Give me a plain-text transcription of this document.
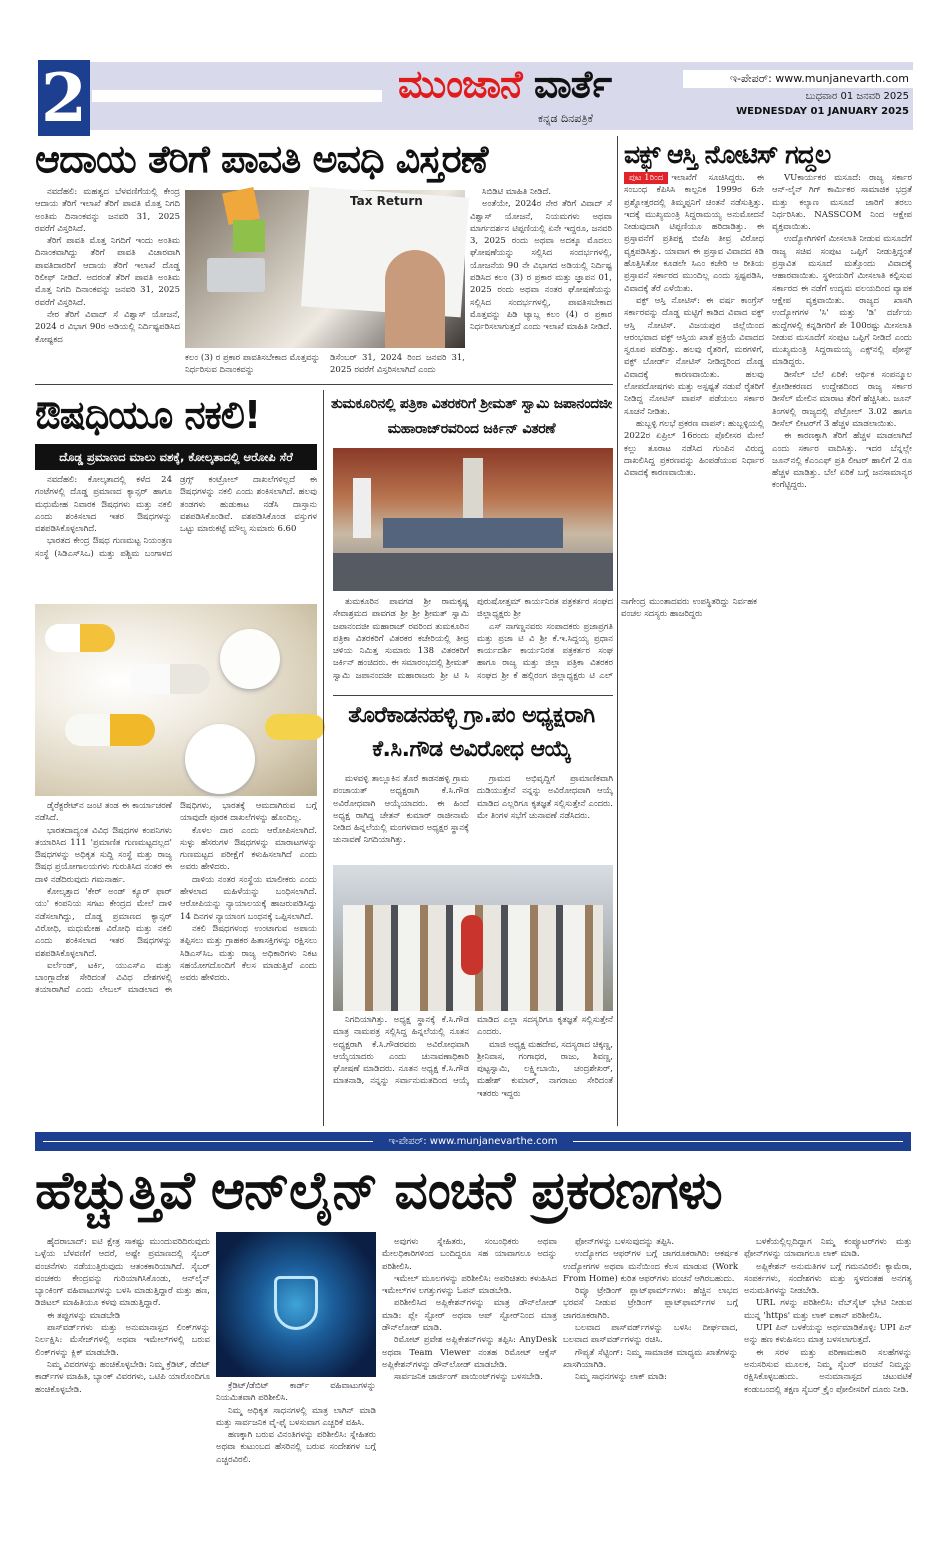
2	ಮುಂಜಾನೆ ವಾರ್ತೆ
ಕನ್ನಡ ದಿನಪತ್ರಿಕೆ
ಇ-ಪೇಪರ್: www.munjanevarth.com
ಬುಧವಾರ 01 ಜನವರಿ 2025
WEDNESDAY 01 JANUARY 2025
ಆದಾಯ ತೆರಿಗೆ ಪಾವತಿ ಅವಧಿ ವಿಸ್ತರಣೆ

ನವದೆಹಲಿ: ಮಹತ್ವದ ಬೆಳವಣಿಗೆಯಲ್ಲಿ ಕೇಂದ್ರ ಆದಾಯ ತೆರಿಗೆ ಇಲಾಖೆ ತೆರಿಗೆ ಪಾವತಿ ಮೊತ್ತ ನಿಗದಿ ಅಂತಿಮ ದಿನಾಂಕವನ್ನು ಜನವರಿ 31, 2025 ರವರೆಗೆ ವಿಸ್ತರಿಸಿದೆ.

ತೆರಿಗೆ ಪಾವತಿ ಮೊತ್ತ ನಿಗದಿಗೆ ಇಂದು ಅಂತಿಮ ದಿನಾಂಕವಾಗಿದ್ದು ತೆರಿಗೆ ಪಾವತಿ ವಿಚಾರವಾಗಿ ಪಾವತಿದಾರರಿಗೆ ಆದಾಯ ತೆರಿಗೆ ಇಲಾಖೆ ದೊಡ್ಡ ರಿಲೀಫ್ ನೀಡಿದೆ. ಅದರಂತೆ ತೆರಿಗೆ ಪಾವತಿ ಅಂತಿಮ ಮೊತ್ತ ನಿಗದಿ ದಿನಾಂಕವನ್ನು ಜನವರಿ 31, 2025 ರವರೆಗೆ ವಿಸ್ತರಿಸಿದೆ.

ನೇರ ತೆರಿಗೆ ವಿವಾದ್ ಸೆ ವಿಶ್ವಾಸ್ ಯೋಜನೆ, 2024 ರ ವಿಭಾಗ 90ರ ಅಡಿಯಲ್ಲಿ ನಿರ್ದಿಷ್ಟಪಡಿಸಿದ ಕೋಷ್ಟಕದ

Tax Return
ಕಲಂ (3) ರ ಪ್ರಕಾರ ಪಾವತಿಸಬೇಕಾದ ಮೊತ್ತವನ್ನು ನಿರ್ಧರಿಸುವ ದಿನಾಂಕವನ್ನು
ಡಿಸೆಂಬರ್ 31, 2024 ರಿಂದ ಜನವರಿ 31, 2025 ರವರೆಗೆ ವಿಸ್ತರಿಸಲಾಗಿದೆ ಎಂದು

ಸಿಬಿಡಿಟಿ ಮಾಹಿತಿ ನೀಡಿದೆ.

ಅಂತೆಯೇ, 2024ರ ನೇರ ತೆರಿಗೆ ವಿವಾದ್ ಸೆ ವಿಶ್ವಾಸ್ ಯೋಜನೆ, ನಿಯಮಗಳು ಅಥವಾ ಮಾರ್ಗದರ್ಶನ ಟಿಪ್ಪಣಿಯಲ್ಲಿ ಏನೇ ಇದ್ದರೂ, ಜನವರಿ 3, 2025 ರಂದು ಅಥವಾ ಅದಕ್ಕೂ ಮೊದಲು ಘೋಷಣೆಯನ್ನು ಸಲ್ಲಿಸಿದ ಸಂದರ್ಭಗಳಲ್ಲಿ, ಯೋಜನೆಯ 90 ನೇ ವಿಭಾಗದ ಅಡಿಯಲ್ಲಿ ನಿರ್ದಿಷ್ಟ ಪಡಿಸಿದ ಕಲಂ (3) ರ ಪ್ರಕಾರ ಮತ್ತು ಜ್ಞಾಪನ 01, 2025 ರಂದು ಅಥವಾ ನಂತರ ಘೋಷಣೆಯನ್ನು ಸಲ್ಲಿಸಿದ ಸಂದರ್ಭಗಳಲ್ಲಿ, ಪಾವತಿಸಬೇಕಾದ ಮೊತ್ತವನ್ನು ಪಿಡಿ ಟ್ಯಾಬ್ಲ ಕಲಂ (4) ರ ಪ್ರಕಾರ ನಿರ್ಧರಿಸಲಾಗುತ್ತದೆ ಎಂದು ಇಲಾಖೆ ಮಾಹಿತಿ ನೀಡಿದೆ.

ವಕ್ಫ್ ಆಸ್ತಿ ನೋಟಿಸ್ ಗದ್ದಲ

ಪುಟ 1ರಿಂದ ಇಲಾಖೆಗೆ ಸೂಚಿಸಿದ್ದರು. ಈ ಸಂಬಂಧ ಕೆಪಿಸಿಸಿ ಕಾಲ್ಪನಿಕ 1999ರ 6ನೇ ಪ್ರಶ್ನೋತ್ತರದಲ್ಲಿ ತಿಮ್ಮಪ್ಪನಿಗೆ ಚಿಂತನೆ ನಡೆಸುತ್ತಿತ್ತು. ಇದಕ್ಕೆ ಮುಖ್ಯಮಂತ್ರಿ ಸಿದ್ದರಾಮಯ್ಯ ಅನುಮೋದನೆ ನೀಡುವುದಾಗಿ ಟಿಪ್ಪಣಿಯೂ ಹರಿದಾಡಿತ್ತು. ಈ ಪ್ರಸ್ತಾವನೆಗೆ ಪ್ರತಿಪಕ್ಷ ಬಿಜೆಪಿ ತೀವ್ರ ವಿರೋಧ ವ್ಯಕ್ತಪಡಿಸಿತ್ತು. ಯಾವಾಗ ಈ ಪ್ರಸ್ತಾವ ವಿವಾದದ ಕಿಡಿ ಹೊತ್ತಿಸಿತೋ ಕೂಡಲೇ ಸಿಎಂ ಕಚೇರಿ ಆ ರೀತಿಯ ಪ್ರಸ್ತಾವನೆ ಸರ್ಕಾರದ ಮುಂದಿಲ್ಲ ಎಂದು ಸ್ಪಷ್ಟಪಡಿಸಿ, ವಿವಾದಕ್ಕೆ ತೆರೆ ಎಳೆಯಿತು.

ವಕ್ಫ್ ಆಸ್ತಿ ನೋಟಿಸ್: ಈ ವರ್ಷ ಕಾಂಗ್ರೆಸ್ ಸರ್ಕಾರವನ್ನು ದೊಡ್ಡ ಮಟ್ಟಿಗೆ ಕಾಡಿದ ವಿವಾದ ವಕ್ಫ್ ಆಸ್ತಿ ನೋಟಿಸ್. ವಿಜಯಪುರ ಜಿಲ್ಲೆಯಿಂದ ಆರಂಭವಾದ ವಕ್ಫ್ ಆಸ್ತಿಯ ಖಾತೆ ಪ್ರಕ್ರಿಯೆ ವಿವಾದದ ಸ್ವರೂಪ ಪಡೆದಿತ್ತು. ಹಲವು ರೈತರಿಗೆ, ಮಠಗಳಿಗೆ, ವಕ್ಫ್ ಬೋರ್ಡ್ ನೋಟಿಸ್ ನೀಡಿದ್ದರಿಂದ ದೊಡ್ಡ ವಿವಾದಕ್ಕೆ ಕಾರಣವಾಯಿತು. ಹಲವು ಲೋಪದೋಷಗಳು ಮತ್ತು ಅಸ್ಪಷ್ಟತೆ ನಡುವೆ ರೈತರಿಗೆ ನೀಡಿದ್ದ ನೋಟಿಸ್ ವಾಪಸ್ ಪಡೆಯಲು ಸರ್ಕಾರ ಸೂಚನೆ ನೀಡಿತು.

ಹುಬ್ಬಳ್ಳಿ ಗಲಭೆ ಪ್ರಕರಣ ವಾಪಸ್: ಹುಬ್ಬಳ್ಳಿಯಲ್ಲಿ 2022ರ ಏಪ್ರಿಲ್ 16ರಂದು ಪೊಲೀಸರ ಮೇಲೆ ಕಲ್ಲು ತೂರಾಟ ನಡೆಸಿದ ಗುಂಪಿನ ವಿರುದ್ಧ ದಾಖಲಿಸಿದ್ದ ಪ್ರಕರಣವನ್ನು ಹಿಂಪಡೆಯುವ ನಿರ್ಧಾರ ವಿವಾದಕ್ಕೆ ಕಾರಣವಾಯಿತು.

VUಕಾರ್ಯಕರ ಮಸೂದೆ: ರಾಜ್ಯ ಸರ್ಕಾರ ಆನ್-ಲೈನ್ ಗಿಗ್ ಕಾರ್ಮಿಕರ ಸಾಮಾಜಿಕ ಭದ್ರತೆ ಮತ್ತು ಕಲ್ಯಾಣ ಮಸೂದೆ ಜಾರಿಗೆ ತರಲು ನಿರ್ಧರಿಸಿತು. NASSCOM ನಿಂದ ಆಕ್ಷೇಪ ವ್ಯಕ್ತವಾಯಿತು.

ಉದ್ಯೋಗಿಗಳಿಗೆ ಮೀಸಲಾತಿ ನೀಡುವ ಮಸೂದೆಗೆ ರಾಜ್ಯ ಸಚಿವ ಸಂಪುಟ ಒಪ್ಪಿಗೆ ನೀಡುತ್ತಿದ್ದಂತೆ ಪ್ರಸ್ತಾವಿತ ಮಸೂದೆ ಮತ್ತೊಂದು ವಿವಾದಕ್ಕೆ ಆಹಾರವಾಯಿತು. ಸ್ಥಳೀಯರಿಗೆ ಮೀಸಲಾತಿ ಕಲ್ಪಿಸುವ ಸರ್ಕಾರದ ಈ ನಡೆಗೆ ಉದ್ಯಮ ವಲಯದಿಂದ ವ್ಯಾಪಕ ಆಕ್ಷೇಪ ವ್ಯಕ್ತವಾಯಿತು. ರಾಜ್ಯದ ಖಾಸಗಿ ಉದ್ಯೋಗಗಳ 'ಸಿ' ಮತ್ತು 'ಡಿ' ದರ್ಜೆಯ ಹುದ್ದೆಗಳಲ್ಲಿ ಕನ್ನಡಿಗರಿಗೆ ಶೇ 100ರಷ್ಟು ಮೀಸಲಾತಿ ನೀಡುವ ಮಸೂದೆಗೆ ಸಂಪುಟ ಒಪ್ಪಿಗೆ ನೀಡಿದೆ ಎಂದು ಮುಖ್ಯಮಂತ್ರಿ ಸಿದ್ದರಾಮಯ್ಯ ಎಕ್ಸ್‌ನಲ್ಲಿ ಪೋಸ್ಟ್ ಮಾಡಿದ್ದರು.

ಡೀಸೆಲ್ ಬೆಲೆ ಏರಿಕೆ: ಆರ್ಥಿಕ ಸಂಪನ್ಮೂಲ ಕ್ರೋಡೀಕರಣದ ಉದ್ದೇಶದಿಂದ ರಾಜ್ಯ ಸರ್ಕಾರ ಡೀಸೆಲ್ ಮೇಲಿನ ಮಾರಾಟ ತೆರಿಗೆ ಹೆಚ್ಚಿಸಿತು. ಜೂನ್ ತಿಂಗಳಲ್ಲಿ ರಾಜ್ಯದಲ್ಲಿ ಪೆಟ್ರೋಲ್ 3.02 ಹಾಗೂ ಡೀಸೆಲ್ ಲೀಟರ್‌ಗೆ 3 ಹೆಚ್ಚಳ ಮಾಡಲಾಯಿತು.

ಈ ಕಾರಣಕ್ಕಾಗಿ ತೆರಿಗೆ ಹೆಚ್ಚಳ ಮಾಡಲಾಗಿದೆ ಎಂದು ಸರ್ಕಾರ ವಾದಿಸಿತ್ತು. ಇದರ ಬೆನ್ನಲ್ಲೇ ಜೂನ್‌ನಲ್ಲಿ ಕೆಎಂಎಫ್ ಪ್ರತಿ ಲೀಟರ್ ಹಾಲಿಗೆ 2 ರೂ ಹೆಚ್ಚಳ ಮಾಡಿತ್ತು. ಬೆಲೆ ಏರಿಕೆ ಬಗ್ಗೆ ಜನಸಾಮಾನ್ಯರ ಕಂಗೆಟ್ಟಿದ್ದರು.

ಔಷಧಿಯೂ ನಕಲಿ!
ದೊಡ್ಡ ಪ್ರಮಾಣದ ಮಾಲು ವಶಕ್ಕೆ, ಕೋಲ್ಕತಾದಲ್ಲಿ ಆರೋಪಿ ಸೆರೆ

ನವದೆಹಲಿ: ಕೋಲ್ಕತಾದಲ್ಲಿ ಕಳೆದ 24 ಗಂಟೆಗಳಲ್ಲಿ ದೊಡ್ಡ ಪ್ರಮಾಣದ ಕ್ಯಾನ್ಸರ್ ಹಾಗೂ ಮಧುಮೇಹ ನಿವಾರಕ ಔಷಧಗಳು ಮತ್ತು ನಕಲಿ ಎಂದು ಶಂಕಿಸಲಾದ ಇತರ ಔಷಧಗಳನ್ನು ವಶಪಡಿಸಿಕೊಳ್ಳಲಾಗಿದೆ.

ಭಾರತದ ಕೇಂದ್ರ ಔಷಧ ಗುಣಮಟ್ಟ ನಿಯಂತ್ರಣ ಸಂಸ್ಥೆ (ಸಿಡಿಎಸ್‌ಸಿಒ) ಮತ್ತು ಪಶ್ಚಿಮ ಬಂಗಾಳದ ಡ್ರಗ್ಸ್ ಕಂಟ್ರೋಲ್ ದಾಖಲೆಗಳಿಲ್ಲದೆ ಈ ಔಷಧಗಳನ್ನು ನಕಲಿ ಎಂದು ಶಂಕಿಸಲಾಗಿದೆ. ಹಲವು ತಂಡಗಳು ಹುಡುಕಾಟ ನಡೆಸಿ ದಾಸ್ತಾನು ವಶಪಡಿಸಿಕೊಂಡಿವೆ. ವಶಪಡಿಸಿಕೊಂಡ ವಸ್ತುಗಳ ಒಟ್ಟು ಮಾರುಕಟ್ಟೆ ಮೌಲ್ಯ ಸುಮಾರು 6.60

ಡೈರೆಕ್ಟರೇಟ್‌ನ ಜಂಟಿ ತಂಡ ಈ ಕಾರ್ಯಾಚರಣೆ ನಡೆಸಿದೆ.

ಭಾರತದಾದ್ಯಂತ ವಿವಿಧ ಔಷಧಗಳ ಕಂಪನಿಗಳು ತಯಾರಿಸಿದ 111 'ಪ್ರಮಾಣಿತ ಗುಣಮಟ್ಟದಲ್ಲದ' ಔಷಧಗಳನ್ನು ಅಧಿಕೃತ ಸುದ್ದಿ ಸಂಸ್ಥೆ ಮತ್ತು ರಾಜ್ಯ ಔಷಧ ಪ್ರಯೋಗಾಲಯಗಳು ಗುರುತಿಸಿದ ನಂತರ ಈ ದಾಳಿ ನಡೆದಿರುವುದು ಗಮನಾರ್ಹ.

ಕೋಲ್ಕತ್ತಾದ 'ಕೇರ್ ಅಂಡ್ ಕ್ಯೂರ್ ಫಾರ್ ಯು' ಕಂಪನಿಯ ಸಗಟು ಕೇಂದ್ರದ ಮೇಲೆ ದಾಳಿ ನಡೆಸಲಾಗಿದ್ದು, ದೊಡ್ಡ ಪ್ರಮಾಣದ ಕ್ಯಾನ್ಸರ್ ವಿರೋಧಿ, ಮಧುಮೇಹ ವಿರೋಧಿ ಮತ್ತು ನಕಲಿ ಎಂದು ಶಂಕಿಸಲಾದ ಇತರ ಔಷಧಗಳನ್ನು ವಶಪಡಿಸಿಕೊಳ್ಳಲಾಗಿದೆ.

ಐರ್ಲೆಂಡ್, ಟರ್ಕಿ, ಯುಎಸ್‌ಎ ಮತ್ತು ಬಾಂಗ್ಲಾದೇಶ ಸೇರಿದಂತೆ ವಿವಿಧ ದೇಶಗಳಲ್ಲಿ ತಯಾರಾಗಿವೆ ಎಂದು ಲೇಬಲ್ ಮಾಡಲಾದ ಈ ಔಷಧಿಗಳು, ಭಾರತಕ್ಕೆ ಆಮದಾಗಿರುವ ಬಗ್ಗೆ ಯಾವುದೇ ಪೂರಕ ದಾಖಲೆಗಳನ್ನು ಹೊಂದಿಲ್ಲ.

ಕೊಳಲ ದಾರ ಎಂದು ಆರೋಪಿಸಲಾಗಿದೆ. ಸುಳ್ಳು ಹೆಸರುಗಳ ಔಷಧಗಳನ್ನು ಮಾರಾಟಗಳನ್ನು ಗುಣಮಟ್ಟದ ಪರೀಕ್ಷೆಗೆ ಕಳುಹಿಸಲಾಗಿದೆ ಎಂದು ಅವರು ಹೇಳಿದರು.

ದಾಳಿಯ ನಂತರ ಸಂಸ್ಥೆಯ ಮಾಲೀಕರು ಎಂದು ಹೇಳಲಾದ ಮಹಿಳೆಯನ್ನು ಬಂಧಿಸಲಾಗಿದೆ. ಆರೋಪಿಯನ್ನು ನ್ಯಾಯಾಲಯಕ್ಕೆ ಹಾಜರುಪಡಿಸಿದ್ದು 14 ದಿನಗಳ ನ್ಯಾಯಾಂಗ ಬಂಧನಕ್ಕೆ ಒಪ್ಪಿಸಲಾಗಿದೆ.

ನಕಲಿ ಔಷಧಗಳಂಥ ಉಂಟಾಗುವ ಅಪಾಯ ತಪ್ಪಿಸಲು ಮತ್ತು ಗ್ರಾಹಕರ ಹಿತಾಸಕ್ತಿಗಳನ್ನು ರಕ್ಷಿಸಲು ಸಿಡಿಎಸ್‌ಸಿಒ ಮತ್ತು ರಾಜ್ಯ ಅಧಿಕಾರಿಗಳು ನಿಕಟ ಸಹಯೋಗದೊಂದಿಗೆ ಕೆಲಸ ಮಾಡುತ್ತಿವೆ ಎಂದು ಅವರು ಹೇಳಿದರು.

ತುಮಕೂರಿನಲ್ಲಿ ಪತ್ರಿಕಾ ವಿತರಕರಿಗೆ ಶ್ರೀಮತ್ ಸ್ವಾಮಿ ಜಪಾನಂದಜೀ ಮಹಾರಾಜ್‌ರವರಿಂದ ಜರ್ಕಿನ್ ವಿತರಣೆ

ತುಮಕೂರಿನ ಪಾವಗಡ ಶ್ರೀ ರಾಮಕೃಷ್ಣ ಸೇವಾಶ್ರಮದ ಪಾವಗಡ ಶ್ರೀ ಶ್ರೀ ಶ್ರೀಮತ್ ಸ್ವಾಮಿ ಜಪಾನಂದಜೀ ಮಹಾರಾಜ್ ರವರಿಂದ ತುಮಕೂರಿನ ಪತ್ರಿಕಾ ವಿತರಕರಿಗೆ ವಿತರಕರ ಕಚೇರಿಯಲ್ಲಿ ತೀವ್ರ ಚಳಿಯ ನಿಮಿತ್ತ ಸುಮಾರು 138 ವಿತರಕರಿಗೆ ಜರ್ಕಿನ್ ಹಂಚಿದರು. ಈ ಸಮಾರಂಭದಲ್ಲಿ ಶ್ರೀಮತ್ ಸ್ವಾಮಿ ಜಪಾನಂದಜೀ ಮಹಾರಾಜರು ಶ್ರೀ ಟಿ ಸಿ ಪುರುಷೋತ್ತಮ್ ಕಾರ್ಯನಿರತ ಪತ್ರಕರ್ತರ ಸಂಘದ ಜಿಲ್ಲಾಧ್ಯಕ್ಷರು ಶ್ರೀ

ಎಸ್ ನಾಗಣ್ಣನವರು ಸಂಪಾದಕರು ಪ್ರಜಾಪ್ರಗತಿ ಮತ್ತು ಪ್ರಜಾ ಟಿ ವಿ ಶ್ರೀ ಕೆ.ಇ.ಸಿದ್ದಯ್ಯ ಪ್ರಧಾನ ಕಾರ್ಯದರ್ಶಿ ಕಾರ್ಯನಿರತ ಪತ್ರಕರ್ತರ ಸಂಘ ಹಾಗೂ ರಾಜ್ಯ ಮತ್ತು ಜಿಲ್ಲಾ ಪತ್ರಿಕಾ ವಿತರಕರ ಸಂಘದ ಶ್ರೀ ಕೆ ಹಲ್ಲಿರಂಗ ಜಿಲ್ಲಾಧ್ಯಕ್ಷರು ಟಿ ಎಲ್ ನಾಗೇಂದ್ರ ಮುಂತಾದವರು ಉಪಸ್ಥಿತರಿದ್ದು ನಿರ್ವಹಕ ವಂಚಲ ಸದಸ್ಯರು ಹಾಜರಿದ್ದರು

ತೊರೆಕಾಡನಹಳ್ಳಿ ಗ್ರಾ.ಪಂ ಅಧ್ಯಕ್ಷರಾಗಿ ಕೆ.ಸಿ.ಗೌಡ ಅವಿರೋಧ ಆಯ್ಕೆ

ಮಳವಳ್ಳಿ ತಾಲ್ಲೂಕಿನ ತೊರೆ ಕಾಡನಹಳ್ಳಿ ಗ್ರಾಮ ಪಂಚಾಯತ್ ಅಧ್ಯಕ್ಷರಾಗಿ ಕೆ.ಸಿ.ಗೌಡ ಅವಿರೋಧವಾಗಿ ಆಯ್ಕೆಯಾದರು. ಈ ಹಿಂದೆ ಅಧ್ಯಕ್ಷ ರಾಗಿದ್ದ ಚೇತನ್ ಕುಮಾರ್ ರಾಜೀನಾಮೆ ನೀಡಿದ ಹಿನ್ನಲೆಯಲ್ಲಿ ಮಂಗಳವಾರ ಅಧ್ಯಕ್ಷರ ಸ್ಥಾನಕ್ಕೆ ಚುನಾವಣೆ ನಿಗದಿಯಾಗಿತ್ತು.

ಗ್ರಾಮದ ಅಭಿವೃದ್ದಿಗೆ ಪ್ರಾಮಾಣಿಕವಾಗಿ ದುಡಿಯುತ್ತೇನೆ ನನ್ನನ್ನು ಅವಿರೋಧವಾಗಿ ಆಯ್ಕೆ ಮಾಡಿದ ಎಲ್ಲರಿಗೂ ಕೃತಜ್ಞತೆ ಸಲ್ಲಿಸುತ್ತೇನೆ ಎಂದರು. ಮೇ ತಿಂಗಳ ಸಭೆಗೆ ಚುನಾವಣೆ ನಡೆಸಿದರು.

ನಿಗದಿಯಾಗಿತ್ತು. ಅಧ್ಯಕ್ಷ ಸ್ಥಾನಕ್ಕೆ ಕೆ.ಸಿ.ಗೌಡ ಮಾತ್ರ ನಾಮಪತ್ರ ಸಲ್ಲಿಸಿದ್ದ ಹಿನ್ನಲೆಯಲ್ಲಿ ನೂತನ ಅಧ್ಯಕ್ಷರಾಗಿ ಕೆ.ಸಿ.ಗೌಡರವರು ಅವಿರೋಧವಾಗಿ ಆಯ್ಕೆಯಾದರು ಎಂದು ಚುನಾವಣಾಧಿಕಾರಿ ಘೋಷಣೆ ಮಾಡಿದರು. ನೂತನ ಅಧ್ಯಕ್ಷ ಕೆ.ಸಿ.ಗೌಡ ಮಾತನಾಡಿ, ನನ್ನನ್ನು ಸರ್ವಾನುಮತದಿಂದ ಆಯ್ಕೆ ಮಾಡಿದ ಎಲ್ಲಾ ಸದಸ್ಯರಿಗೂ ಕೃತಜ್ಞತೆ ಸಲ್ಲಿಸುತ್ತೇನೆ ಎಂದರು.

ಮಾಜಿ ಅಧ್ಯಕ್ಷ ಮಹದೇವ, ಸದಸ್ಯರಾದ ಚಿಕ್ಕಣ್ಣ, ಶ್ರೀನಿವಾಸ, ಗಂಗಾಧರ, ರಾಜು, ಶಿವಣ್ಣ, ಪುಟ್ಟಸ್ವಾಮಿ, ಲಕ್ಷ್ಮೀಬಾಯಿ, ಚಂದ್ರಶೇಖರ್, ಮಹೇಶ್ ಕುಮಾರ್, ನಾಗರಾಜು ಸೇರಿದಂತೆ ಇತರರು ಇದ್ದರು

ಇ-ಪೇಪರ್: www.munjanevarthe.com
ಹೆಚ್ಚುತ್ತಿವೆ ಆನ್‌ಲೈನ್ ವಂಚನೆ ಪ್ರಕರಣಗಳು

ಹೈದರಾಬಾದ್: ಐಟಿ ಕ್ಷೇತ್ರ ಸಾಕಷ್ಟು ಮುಂದುವರಿದಿರುವುದು ಒಳ್ಳೆಯ ಬೆಳವಣಿಗೆ ಆದರೆ, ಅಷ್ಟೇ ಪ್ರಮಾಣದಲ್ಲಿ ಸೈಬರ್ ವಂಚನೆಗಳು ನಡೆಯುತ್ತಿರುವುದು ಆತಂಕಕಾರಿಯಾಗಿದೆ. ಸೈಬರ್ ವಂಚಕರು ಕೇಂದ್ರವನ್ನು ಗುರಿಯಾಗಿಸಿಕೊಂಡು, ಆನ್‌ಲೈನ್ ಬ್ಯಾಂಕಿಂಗ್ ವಹಿವಾಟುಗಳನ್ನು ಬಳಸಿ ಮಾಡುತ್ತಿದ್ದಾರೆ ಮತ್ತು ಹಣ, ಡಿಜಿಟಲ್ ಮಾಹಿತಿಯೂ ಕಳವು ಮಾಡುತ್ತಿದ್ದಾರೆ.

ಈ ತಪ್ಪುಗಳನ್ನು ಮಾಡಬೇಡಿ

ಪಾಸ್‌ವರ್ಡ್‌ಗಳು ಮತ್ತು ಅನುಮಾನಾಸ್ಪದ ಲಿಂಕ್‌ಗಳನ್ನು ನಿರ್ಲಕ್ಷಿಸಿ: ಮೆಸೇಜ್‌ಗಳಲ್ಲಿ ಅಥವಾ ಇಮೇಲ್‌ಗಳಲ್ಲಿ ಬರುವ ಲಿಂಕ್‌ಗಳನ್ನು ಕ್ಲಿಕ್ ಮಾಡಬೇಡಿ.

ನಿಮ್ಮ ವಿವರಗಳನ್ನು ಹಂಚಿಕೊಳ್ಳಬೇಡಿ: ನಿಮ್ಮ ಕ್ರೆಡಿಟ್, ಡೆಬಿಟ್ ಕಾರ್ಡ್‌ಗಳ ಮಾಹಿತಿ, ಬ್ಯಾಂಕ್ ವಿವರಗಳು, ಒಟಿಪಿ ಯಾರೊಂದಿಗೂ ಹಂಚಿಕೊಳ್ಳಬೇಡಿ.	ಕ್ರೆಡಿಟ್/ಡೆಬಿಟ್ ಕಾರ್ಡ್ ವಹಿವಾಟುಗಳನ್ನು ನಿಯಮಿತವಾಗಿ ಪರಿಶೀಲಿಸಿ.

ನಿಮ್ಮ ಅಧಿಕೃತ ಸಾಧನಗಳಲ್ಲಿ ಮಾತ್ರ ಲಾಗಿನ್ ಮಾಡಿ ಮತ್ತು ಸಾರ್ವಜನಿಕ ವೈ-ಫೈ ಬಳಸುವಾಗ ಎಚ್ಚರಿಕೆ ವಹಿಸಿ.

ಹಣಕ್ಕಾಗಿ ಬರುವ ವಿನಂತಿಗಳನ್ನು ಪರಿಶೀಲಿಸಿ: ಸ್ನೇಹಿತರು ಅಥವಾ ಕುಟುಂಬದ ಹೆಸರಿನಲ್ಲಿ ಬರುವ ಸಂದೇಶಗಳ ಬಗ್ಗೆ ಎಚ್ಚರವಿರಲಿ.

ಅವುಗಳು ಸ್ನೇಹಿತರು, ಸಂಬಂಧಿಕರು ಅಥವಾ ಮೇಲಧಿಕಾರಿಗಳಿಂದ ಬಂದಿದ್ದರೂ ಸಹ ಯಾವಾಗಲೂ ಅದನ್ನು ಪರಿಶೀಲಿಸಿ.

ಇಮೇಲ್ ಮೂಲಗಳನ್ನು ಪರಿಶೀಲಿಸಿ: ಅಪರಿಚಿತರು ಕಳುಹಿಸಿದ ಇಮೇಲ್‌ಗಳ ಲಗತ್ತುಗಳನ್ನು ಓಪನ್ ಮಾಡಬೇಡಿ.

ಪರಿಶೀಲಿಸಿದ ಅಪ್ಲಿಕೇಶನ್‌ಗಳನ್ನು ಮಾತ್ರ ಡೌನ್‌ಲೋಡ್ ಮಾಡಿ: ಪ್ಲೇ ಸ್ಟೋರ್ ಅಥವಾ ಆಪ್ ಸ್ಟೋರ್‌ನಿಂದ ಮಾತ್ರ ಡೌನ್‌ಲೋಡ್ ಮಾಡಿ.

ರಿಮೋಟ್ ಪ್ರವೇಶ ಅಪ್ಲಿಕೇಶನ್‌ಗಳನ್ನು ತಪ್ಪಿಸಿ: AnyDesk ಅಥವಾ Team Viewer ನಂತಹ ರಿಮೋಟ್ ಆಕ್ಸೆಸ್ ಅಪ್ಲಿಕೇಶನ್‌ಗಳನ್ನು ಡೌನ್‌ಲೋಡ್ ಮಾಡಬೇಡಿ.

ಸಾರ್ವಜನಿಕ ಚಾರ್ಜಿಂಗ್ ಪಾಯಿಂಟ್‌ಗಳನ್ನು ಬಳಸಬೇಡಿ.

ಫೋನ್‌ಗಳನ್ನು ಬಳಸುವುದನ್ನು ತಪ್ಪಿಸಿ.

ಉದ್ಯೋಗದ ಆಫರ್‌ಗಳ ಬಗ್ಗೆ ಜಾಗರೂಕರಾಗಿರಿ: ಆಕರ್ಷಕ ಉದ್ಯೋಗಗಳ ಅಥವಾ ಮನೆಯಿಂದ ಕೆಲಸ ಮಾಡುವ (Work From Home) ಕುರಿತ ಆಫರ್‌ಗಳು ವಂಚನೆ ಆಗಿರಬಹುದು.

ರಿವ್ಯೂ ಟ್ರೇಡಿಂಗ್ ಪ್ಲಾಟ್‌ಫಾರ್ಮ್‌ಗಳು: ಹೆಚ್ಚಿನ ಲಾಭದ ಭರವಸೆ ನೀಡುವ ಟ್ರೇಡಿಂಗ್ ಪ್ಲಾಟ್‌ಫಾರ್ಮ್‌ಗಳ ಬಗ್ಗೆ ಜಾಗರೂಕರಾಗಿರಿ.

ಬಲವಾದ ಪಾಸ್‌ವರ್ಡ್‌ಗಳನ್ನು ಬಳಸಿ: ದೀರ್ಘವಾದ, ಬಲವಾದ ಪಾಸ್‌ವರ್ಡ್‌ಗಳನ್ನು ರಚಿಸಿ.

ಗೌಪ್ಯತೆ ಸೆಟ್ಟಿಂಗ್: ನಿಮ್ಮ ಸಾಮಾಜಿಕ ಮಾಧ್ಯಮ ಖಾತೆಗಳನ್ನು ಖಾಸಗಿಯಾಗಿಡಿ.

ನಿಮ್ಮ ಸಾಧನಗಳನ್ನು ಲಾಕ್ ಮಾಡಿ:

ಬಳಕೆಯಲ್ಲಿಲ್ಲದಿದ್ದಾಗ ನಿಮ್ಮ ಕಂಪ್ಯೂಟರ್‌ಗಳು ಮತ್ತು ಫೋನ್‌ಗಳನ್ನು ಯಾವಾಗಲೂ ಲಾಕ್ ಮಾಡಿ.

ಅಪ್ಲಿಕೇಶನ್ ಅನುಮತಿಗಳ ಬಗ್ಗೆ ಗಮನವಿರಲಿ: ಕ್ಯಾಮೆರಾ, ಸಂಪರ್ಕಗಳು, ಸಂದೇಶಗಳು ಮತ್ತು ಸ್ಥಳದಂತಹ ಅನಗತ್ಯ ಅನುಮತಿಗಳನ್ನು ನೀಡಬೇಡಿ.

URL ಗಳನ್ನು ಪರಿಶೀಲಿಸಿ: ವೆಬ್‌ಸೈಟ್ ಭೇಟಿ ನೀಡುವ ಮುನ್ನ 'https' ಮತ್ತು ಲಾಕ್ ಐಕಾನ್ ಪರಿಶೀಲಿಸಿ.

UPI ಪಿನ್ ಬಳಕೆಯನ್ನು ಅರ್ಥಮಾಡಿಕೊಳ್ಳಿ: UPI ಪಿನ್ ಅನ್ನು ಹಣ ಕಳುಹಿಸಲು ಮಾತ್ರ ಬಳಸಲಾಗುತ್ತದೆ.

ಈ ಸರಳ ಮತ್ತು ಪರಿಣಾಮಕಾರಿ ಸಲಹೆಗಳನ್ನು ಅನುಸರಿಸುವ ಮೂಲಕ, ನಿಮ್ಮ ಸೈಬರ್ ವಂಚನೆ ನಿಮ್ಮನ್ನು ರಕ್ಷಿಸಿಕೊಳ್ಳಬಹುದು. ಅನುಮಾನಾಸ್ಪದ ಚಟುವಟಿಕೆ ಕಂಡುಬಂದಲ್ಲಿ ತಕ್ಷಣ ಸೈಬರ್ ಕ್ರೈಂ ಪೋಲೀಸರಿಗೆ ದೂರು ನೀಡಿ.
